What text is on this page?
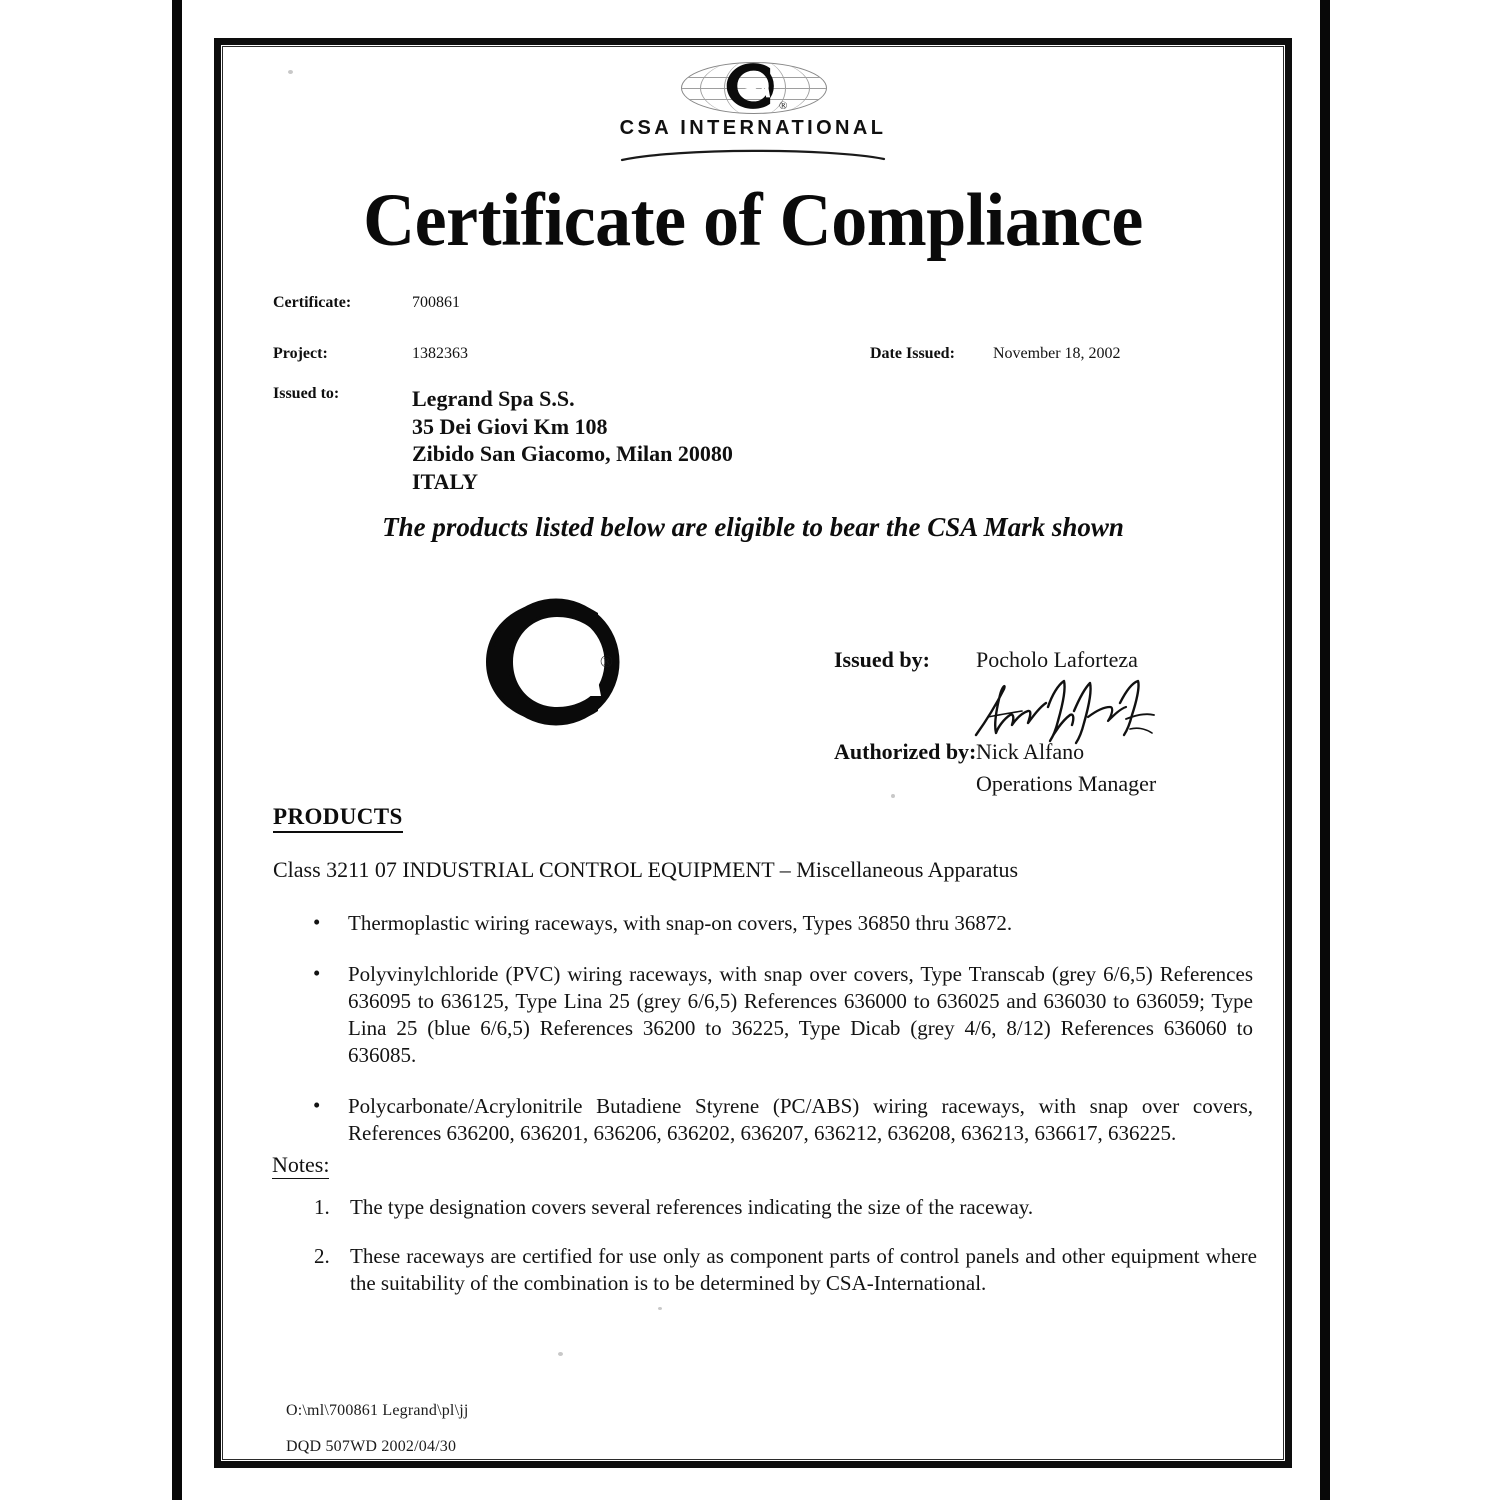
®
CSA INTERNATIONAL
Certificate of Compliance
Certificate:	700861
Project:	1382363	Date Issued: November 18, 2002
Issued to:	Legrand Spa S.S.
35 Dei Giovi Km 108
Zibido San Giacomo, Milan 20080
ITALY
The products listed below are eligible to bear the CSA Mark shown
®	Issued by: Pocholo Laforteza
Authorized by: Nick Alfano
Operations Manager
PRODUCTS
Class 3211 07 INDUSTRIAL CONTROL EQUIPMENT – Miscellaneous Apparatus
• Thermoplastic wiring raceways, with snap-on covers, Types 36850 thru 36872.
• Polyvinylchloride (PVC) wiring raceways, with snap over covers, Type Transcab (grey 6/6,5) References 636095 to 636125, Type Lina 25 (grey 6/6,5) References 636000 to 636025 and 636030 to 636059; Type Lina 25 (blue 6/6,5) References 36200 to 36225, Type Dicab (grey 4/6, 8/12) References 636060 to 636085.
• Polycarbonate/Acrylonitrile Butadiene Styrene (PC/ABS) wiring raceways, with snap over covers, References 636200, 636201, 636206, 636202, 636207, 636212, 636208, 636213, 636617, 636225.
Notes:
1. The type designation covers several references indicating the size of the raceway.
2. These raceways are certified for use only as component parts of control panels and other equipment where the suitability of the combination is to be determined by CSA-International.
O:\ml\700861 Legrand\pl\jj
DQD 507WD 2002/04/30
